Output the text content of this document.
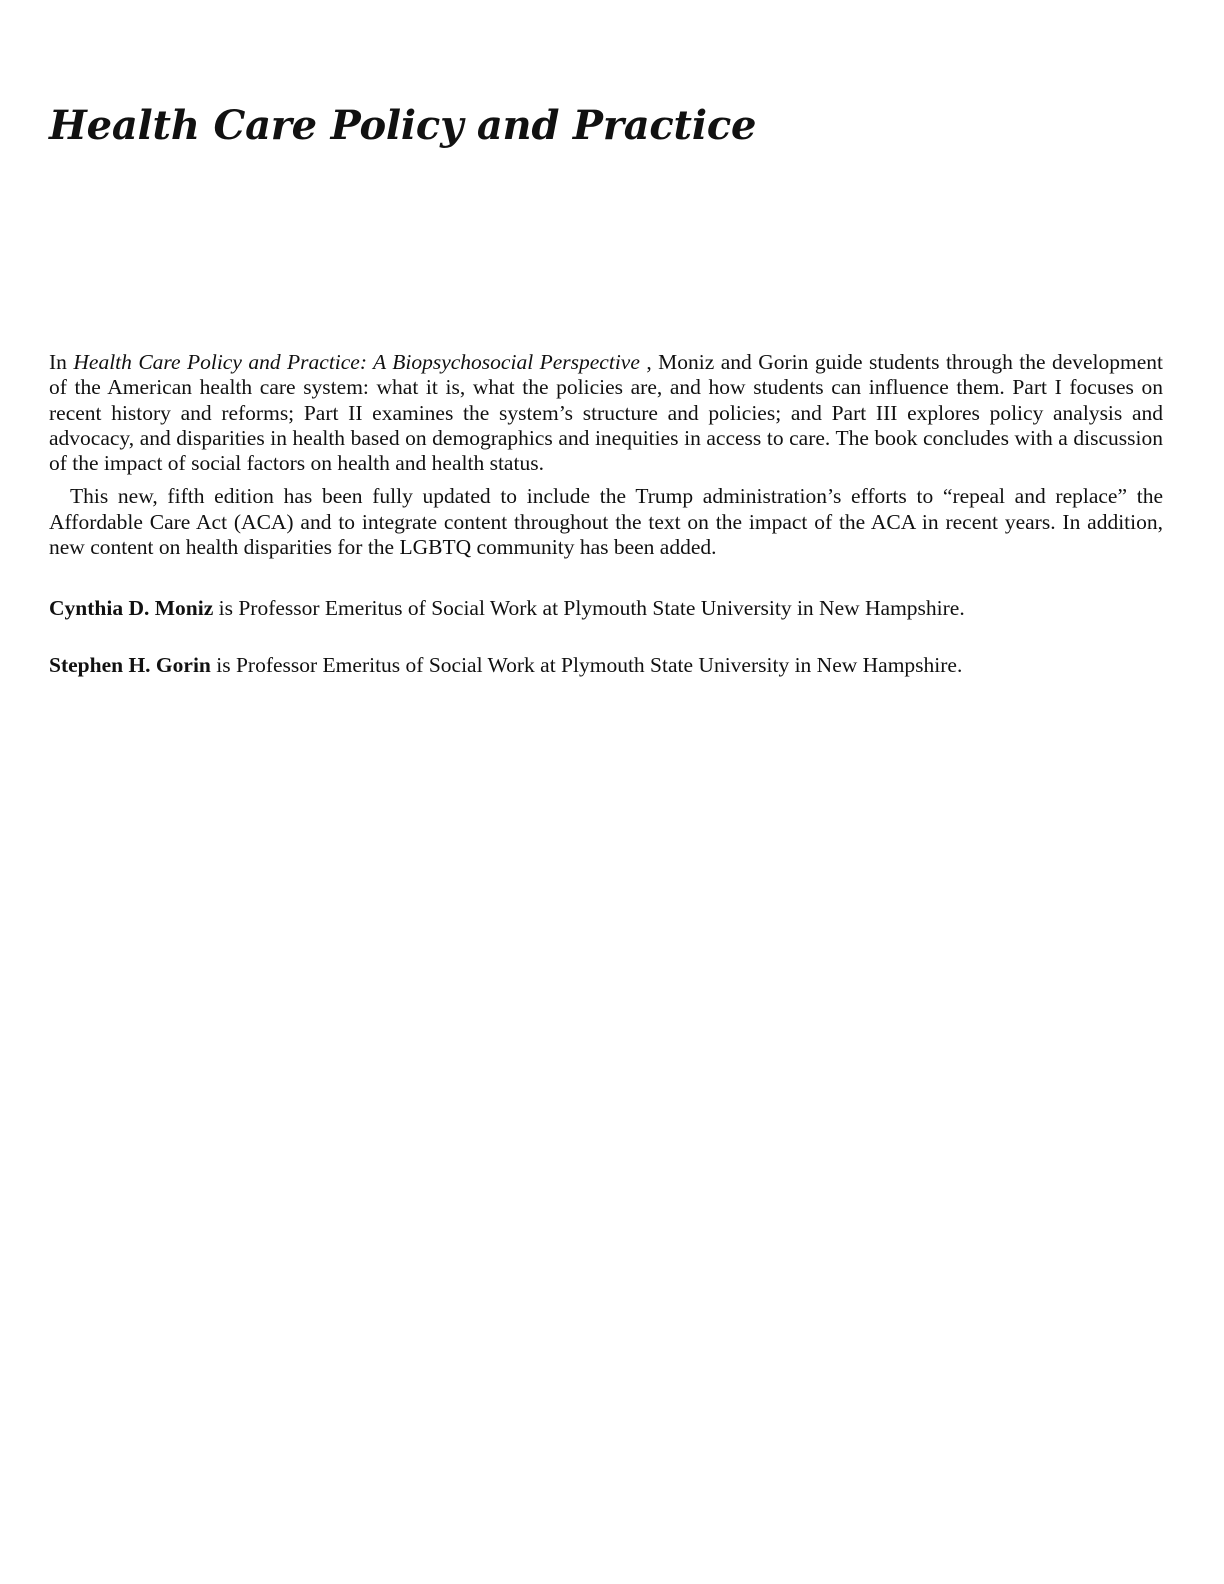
Health Care Policy and Practice

In Health Care Policy and Practice: A Biopsychosocial Perspective , Moniz and Gorin guide students through the development of the American health care system: what it is, what the policies are, and how students can influence them. Part I focuses on recent history and reforms; Part II examines the system’s structure and policies; and Part III explores policy analysis and advocacy, and disparities in health based on demographics and inequities in access to care. The book concludes with a discussion of the impact of social factors on health and health status.

This new, fifth edition has been fully updated to include the Trump administration’s efforts to “repeal and replace” the Affordable Care Act (ACA) and to integrate content throughout the text on the impact of the ACA in recent years. In addition, new content on health disparities for the LGBTQ community has been added.

Cynthia D. Moniz is Professor Emeritus of Social Work at Plymouth State University in New Hampshire.

Stephen H. Gorin is Professor Emeritus of Social Work at Plymouth State University in New Hampshire.
